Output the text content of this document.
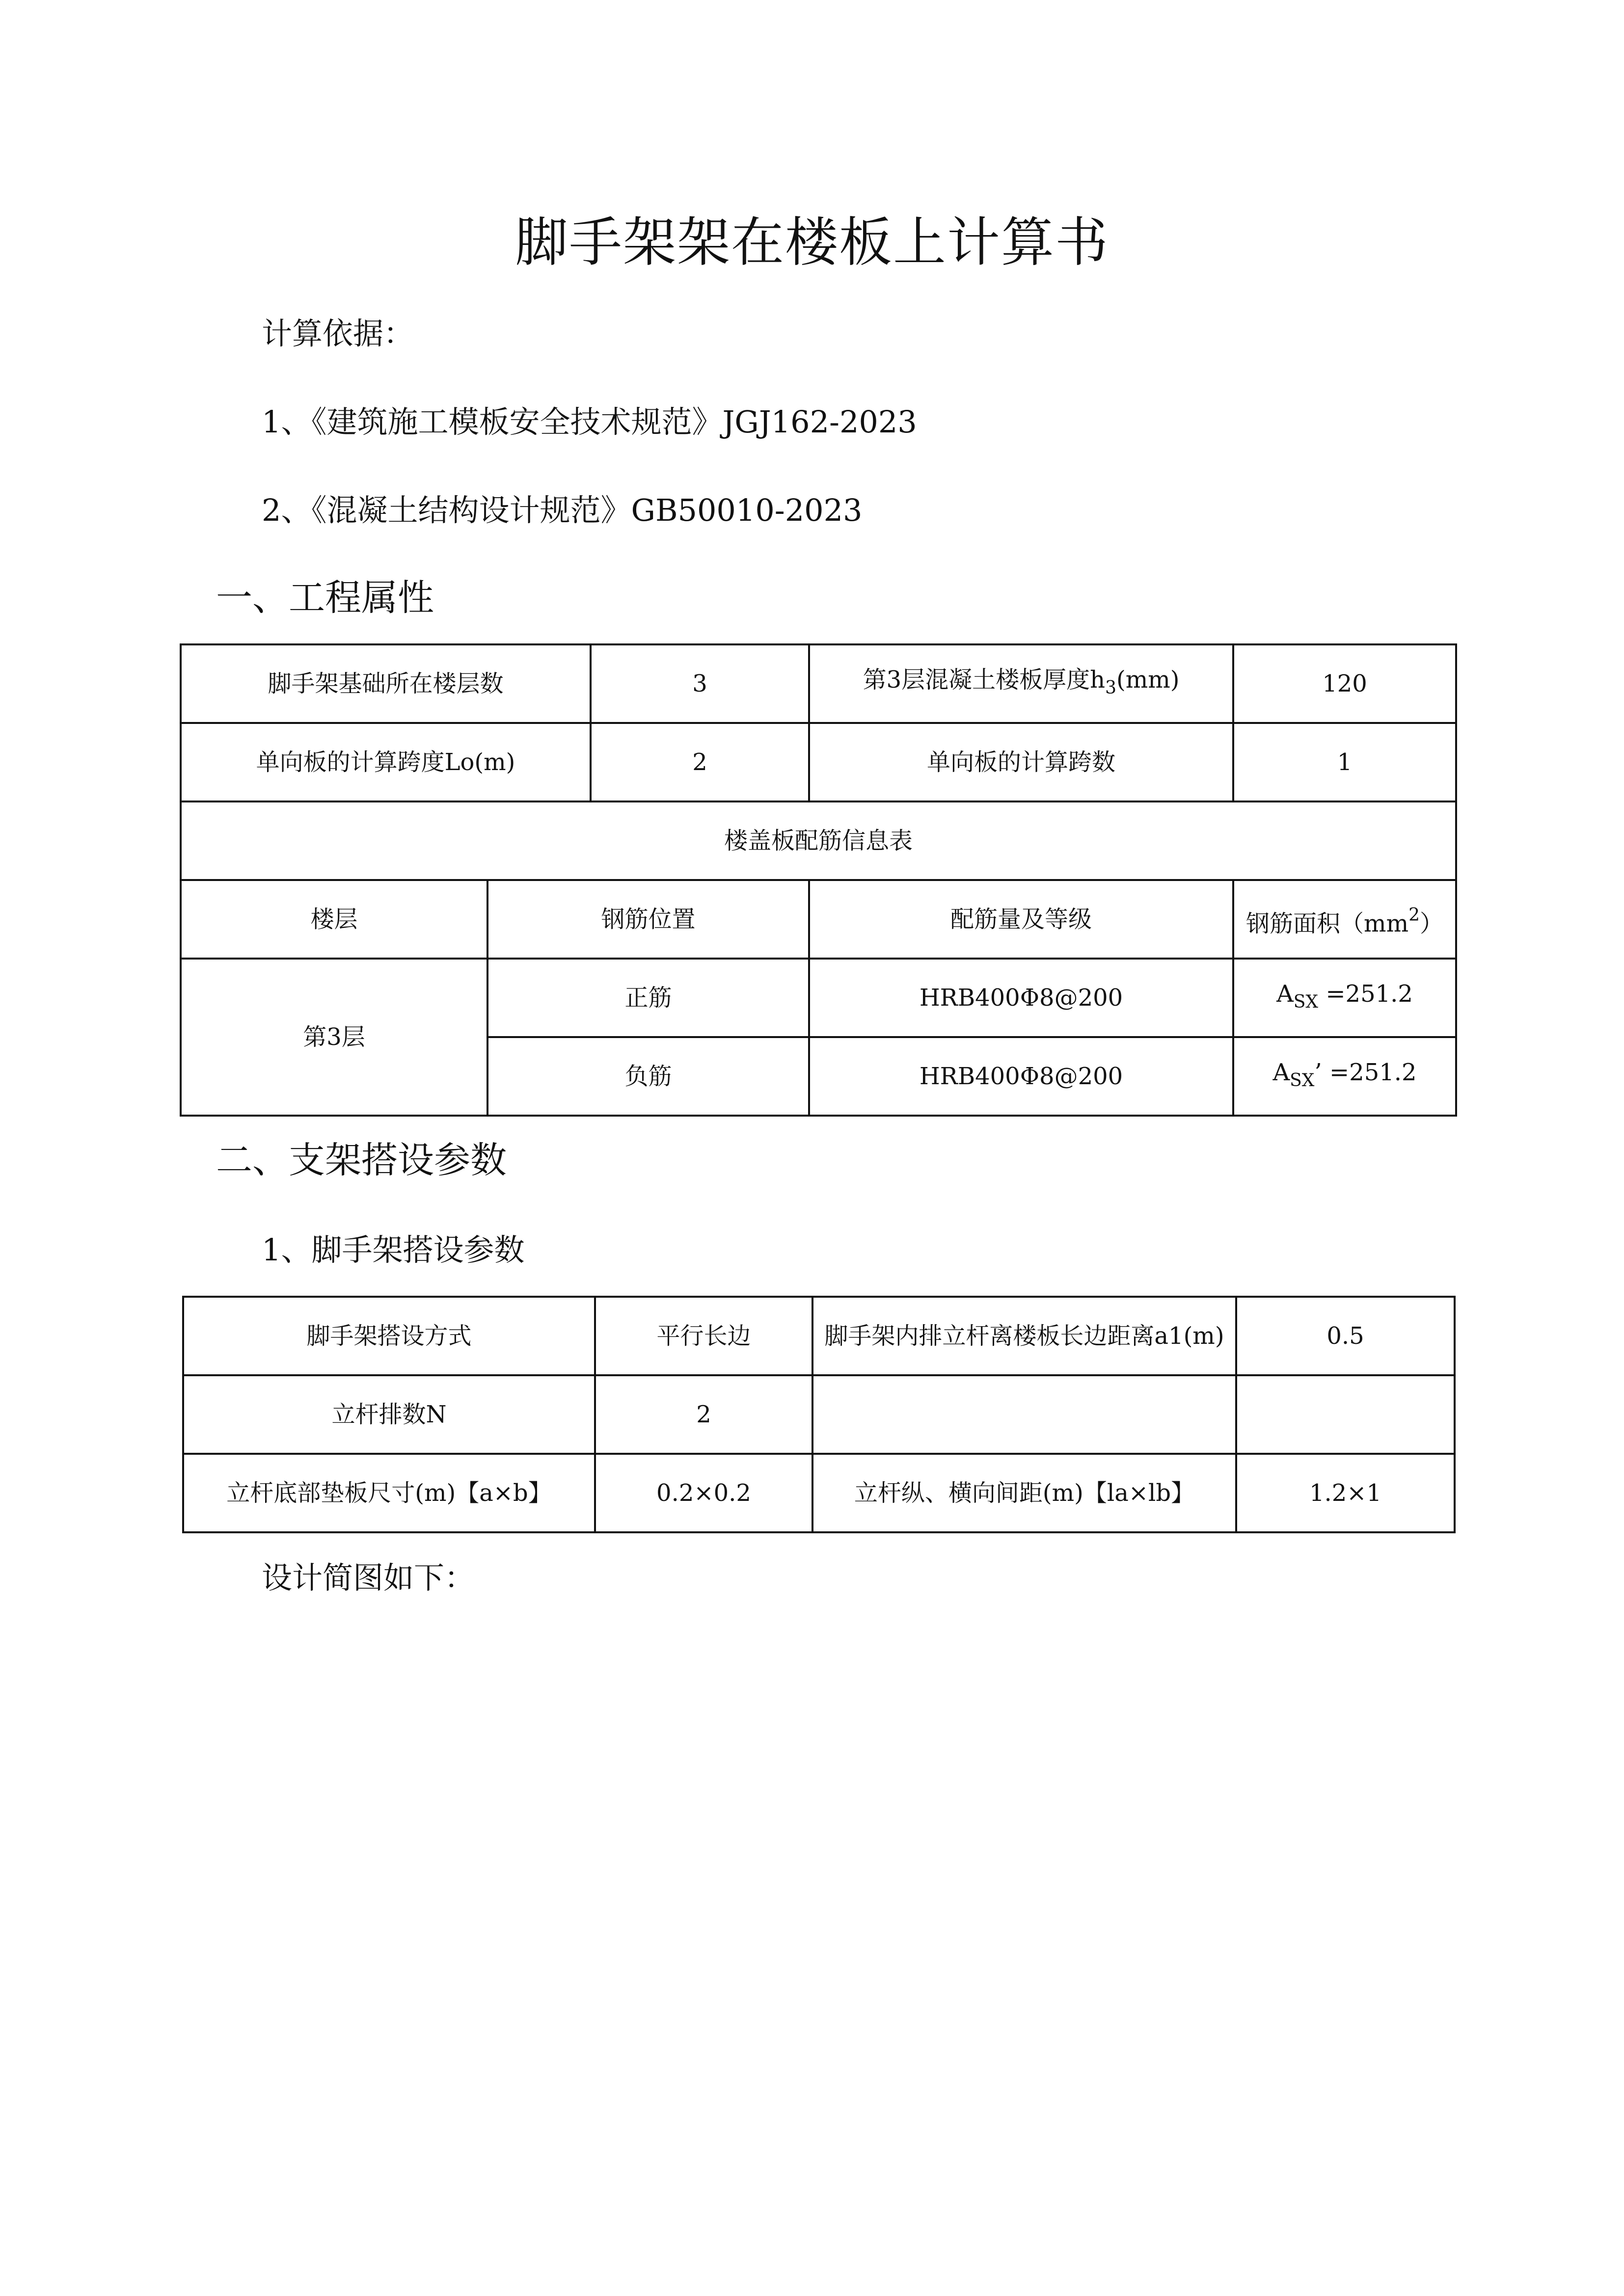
脚手架架在楼板上计算书
计算依据：
1、《建筑施工模板安全技术规范》JGJ162-2023
2、《混凝土结构设计规范》GB50010-2023
一、工程属性
脚手架基础所在楼层数		3	第3层混凝土楼板厚度$h_3(mm)$	120
单向板的计算跨度Lo(m)		2	单向板的计算跨数	1
楼盖板配筋信息表				
楼层	钢筋位置		配筋量及等级	钢筋面积$(mm^2)$
第3层	正筋		HRB400Φ8@200	$A_{SX} =251.2$
	负筋		HRB400Φ8@200	$A_{SX}$’ =251.2
二、支架搭设参数
1、脚手架搭设参数
脚手架搭设方式	平行长边	脚手架内排立杆离楼板长边距离a1(m)	0.5
立杆排数N	2		
立杆底部垫板尺寸(m)【a×b】	0.2×0.2	立杆纵、横向间距(m)【la×lb】	1.2×1
设计简图如下：
